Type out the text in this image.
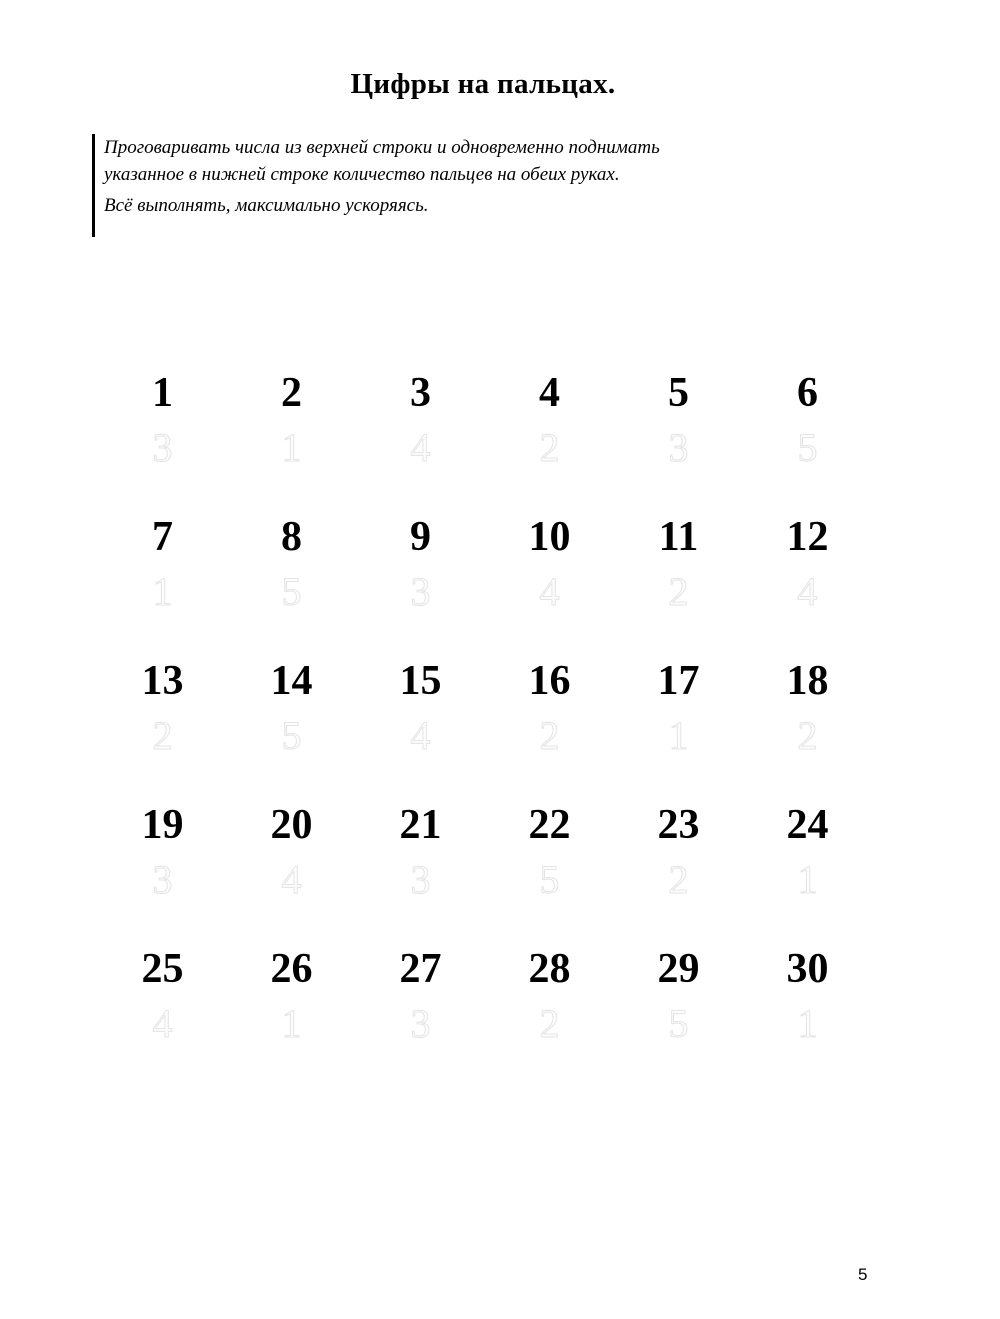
Цифры на пальцах.

Проговаривать числа из верхней строки и одновременно поднимать

указанное в нижней строке количество пальцев на обеих руках.

Всё выполнять, максимально ускоряясь.

1
3
2
1
3
4
4
2
5
3
6
5
7
1
8
5
9
3
10
4
11
2
12
4
13
2
14
5
15
4
16
2
17
1
18
2
19
3
20
4
21
3
22
5
23
2
24
1
25
4
26
1
27
3
28
2
29
5
30
1
5
